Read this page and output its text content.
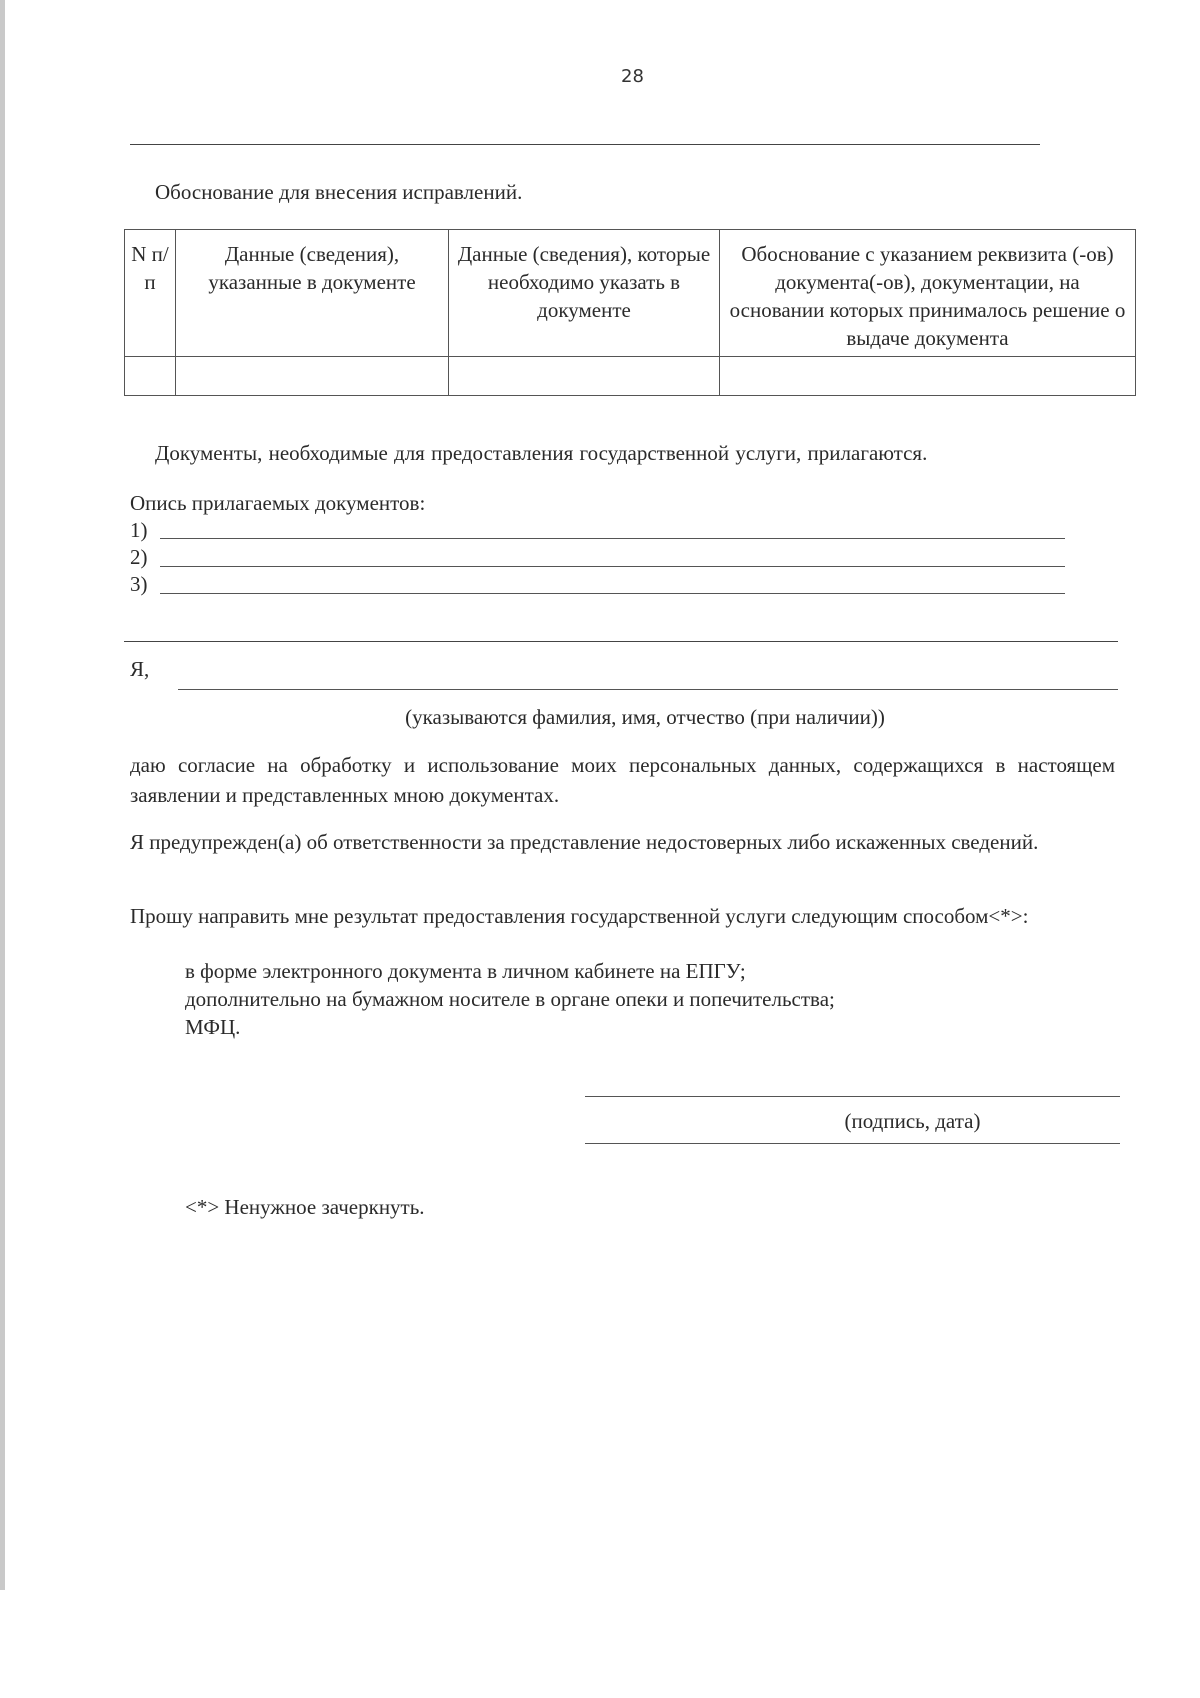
28
Обоснование для внесения исправлений.
N п/п	Данные (сведения), указанные в документе	Данные (сведения), которые необходимо указать в документе	Обоснование с указанием реквизита (-ов) документа(-ов), документации, на основании которых принималось решение о выдаче документа

Документы, необходимые для предоставления государственной услуги, прилагаются.
Опись прилагаемых документов:
1)
2)
3)
Я,
(указываются фамилия, имя, отчество (при наличии))
даю согласие на обработку и использование моих персональных данных, содержащихся в настоящем заявлении и представленных мною документах.
Я предупрежден(а) об ответственности за представление недостоверных либо искаженных сведений.
Прошу направить мне результат предоставления государственной услуги следующим способом<*>:
в форме электронного документа в личном кабинете на ЕПГУ;
дополнительно на бумажном носителе в органе опеки и попечительства;
МФЦ.
(подпись, дата)
<*> Ненужное зачеркнуть.
